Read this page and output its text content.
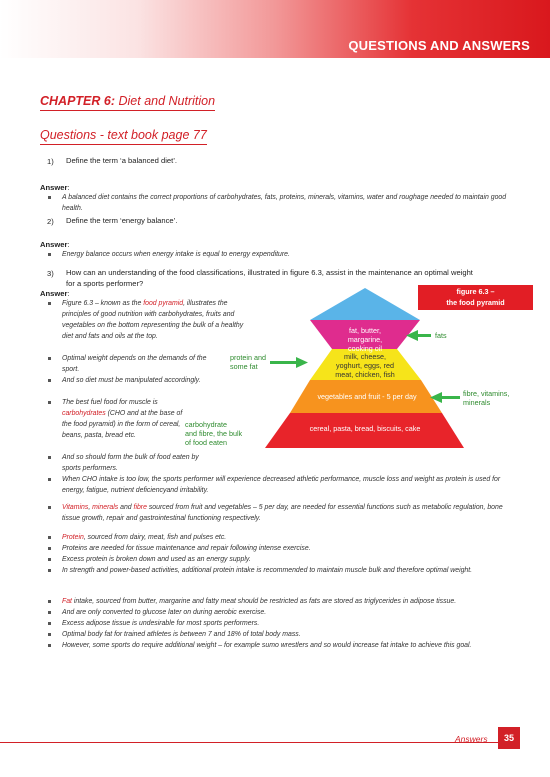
QUESTIONS AND ANSWERS
CHAPTER 6: Diet and Nutrition
Questions - text book page 77
1) Define the term ‘a balanced diet’.
Answer:
A balanced diet contains the correct proportions of carbohydrates, fats, proteins, minerals, vitamins, water and roughage needed to maintain good health.
2) Define the term ‘energy balance’.
Answer:
Energy balance occurs when energy intake is equal to energy expenditure.
3) How can an understanding of the food classifications, illustrated in figure 6.3, assist in the maintenance an optimal weight for a sports performer?
Answer:
Figure 6.3 – known as the food pyramid, illustrates the principles of good nutrition with carbohydrates, fruits and vegetables on the bottom representing the bulk of a healthy diet and fats and oils at the top.
Optimal weight depends on the demands of the sport.
And so diet must be manipulated accordingly.
The best fuel food for muscle is carbohydrates (CHO and at the base of the food pyramid) in the form of cereal, beans, pasta, bread etc.
And so should form the bulk of food eaten by sports performers.
When CHO intake is too low, the sports performer will experience decreased athletic performance, muscle loss and weight as protein is used for energy, fatigue, nutrient deficiencyand irritability.
Vitamins, minerals and fibre sourced from fruit and vegetables – 5 per day, are needed for essential functions such as metabolic regulation, bone tissue growth, repair and gastrointestinal functioning respectively.
Protein, sourced from dairy, meat, fish and pulses etc.
Proteins are needed for tissue maintenance and repair following intense exercise.
Excess protein is broken down and used as an energy supply.
In strength and power-based activities, additional protein intake is recommended to maintain muscle bulk and therefore optimal weight.
Fat intake, sourced from butter, margarine and fatty meat should be restricted as fats are stored as triglycerides in adipose tissue.
And are only converted to glucose later on during aerobic exercise.
Excess adipose tissue is undesirable for most sports performers.
Optimal body fat for trained athletes is between 7 and 18% of total body mass.
However, some sports do require additional weight – for example sumo wrestlers and so would increase fat intake to achieve this goal.
figure 6.3 –
the food pyramid
fat, butter,
margarine,
cooking oil
milk, cheese,
yoghurt, eggs, red
meat, chicken, fish
vegetables and fruit - 5 per day
cereal, pasta, bread, biscuits, cake
fats
protein and
some fat
fibre, vitamins,
minerals
carbohydrate
and fibre, the bulk
of food eaten
Answers	35
